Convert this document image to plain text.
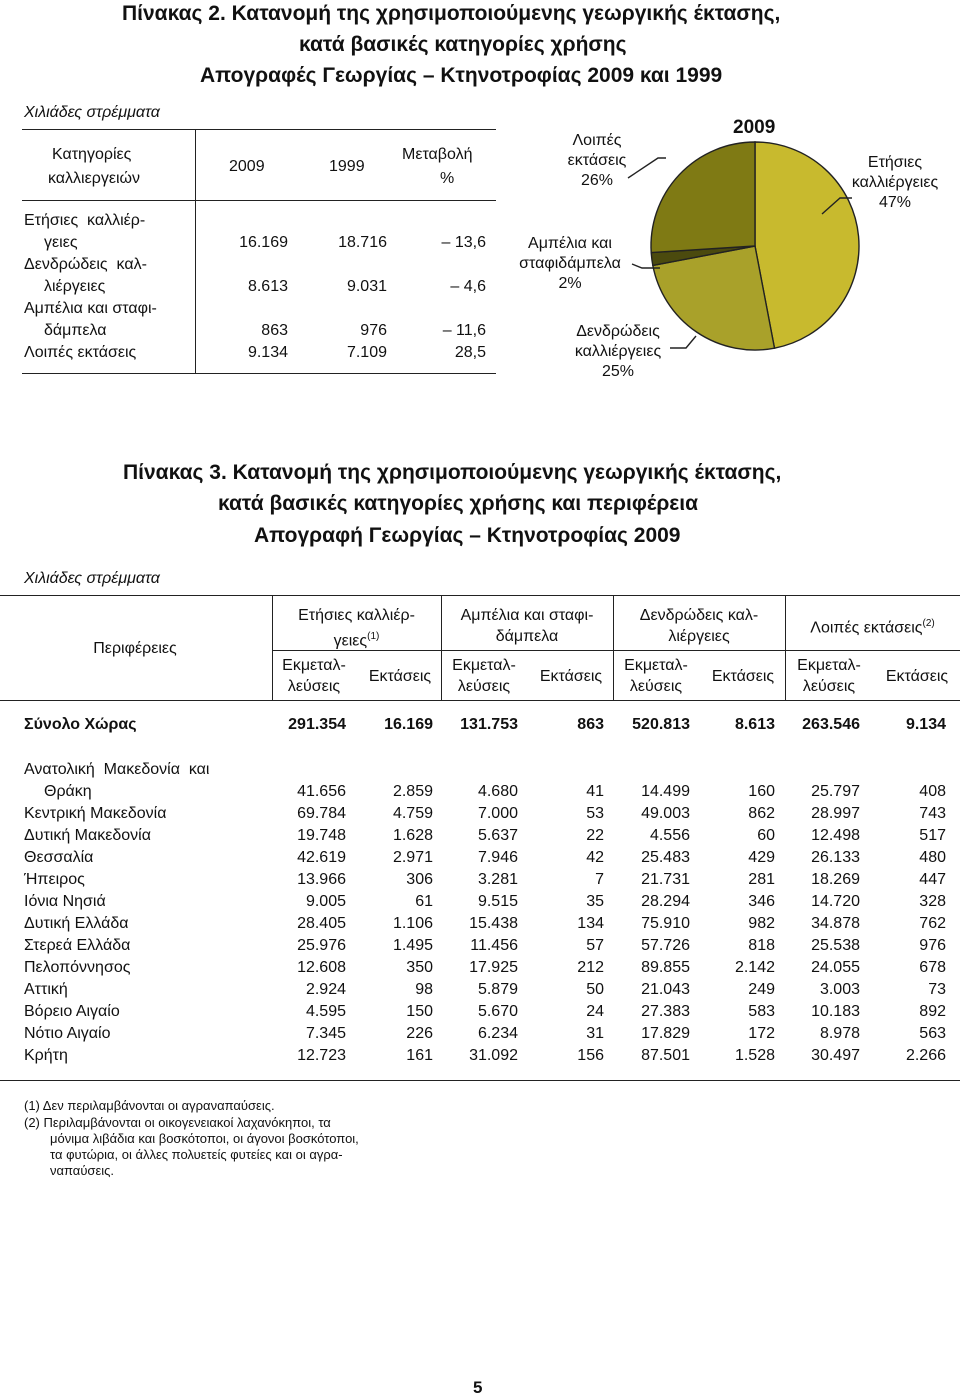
Πίνακας 2. Κατανομή της χρησιμοποιούμενης γεωργικής έκτασης,
κατά βασικές κατηγορίες χρήσης
Απογραφές Γεωργίας – Κτηνοτροφίας 2009 και 1999
Χιλιάδες στρέμματα
Κατηγορίες
καλλιεργειών
2009	1999
Μεταβολή
%
Ετήσιες  καλλιέρ-
γειες	16.169	18.716	– 13,6
Δενδρώδεις  καλ-
λιέργειες	8.613	9.031	– 4,6
Αμπέλια και σταφι-
δάμπελα	863	976	– 11,6
Λοιπές εκτάσεις	9.134	7.109	28,5
2009
Λοιπές
εκτάσεις
26%
Αμπέλια και
σταφιδάμπελα
2%
Δενδρώδεις
καλλιέργειες
25%
Ετήσιες
καλλιέργειες
47%
Πίνακας 3. Κατανομή της χρησιμοποιούμενης γεωργικής έκτασης,
κατά βασικές κατηγορίες χρήσης και περιφέρεια
Απογραφή Γεωργίας – Κτηνοτροφίας 2009
Χιλιάδες στρέμματα
Περιφέρειες
Ετήσιες καλλιέρ-
γειες$^{(1)}$
Αμπέλια και σταφι-
δάμπελα
Δενδρώδεις καλ-
λιέργειες
Λοιπές εκτάσεις$^{(2)}$
Εκμεταλ-
λεύσεις
Εκτάσεις
Εκμεταλ-
λεύσεις
Εκτάσεις
Εκμεταλ-
λεύσεις
Εκτάσεις
Εκμεταλ-
λεύσεις
Εκτάσεις
Σύνολο Χώρας	291.354	16.169	131.753	863	520.813	8.613	263.546	9.134
Ανατολική  Μακεδονία  και
Θράκη	41.656	2.859	4.680	41	14.499	160	25.797	408
Κεντρική Μακεδονία	69.784	4.759	7.000	53	49.003	862	28.997	743
Δυτική Μακεδονία	19.748	1.628	5.637	22	4.556	60	12.498	517
Θεσσαλία	42.619	2.971	7.946	42	25.483	429	26.133	480
Ήπειρος	13.966	306	3.281	7	21.731	281	18.269	447
Ιόνια Νησιά	9.005	61	9.515	35	28.294	346	14.720	328
Δυτική Ελλάδα	28.405	1.106	15.438	134	75.910	982	34.878	762
Στερεά Ελλάδα	25.976	1.495	11.456	57	57.726	818	25.538	976
Πελοπόννησος	12.608	350	17.925	212	89.855	2.142	24.055	678
Αττική	2.924	98	5.879	50	21.043	249	3.003	73
Βόρειο Αιγαίο	4.595	150	5.670	24	27.383	583	10.183	892
Νότιο Αιγαίο	7.345	226	6.234	31	17.829	172	8.978	563
Κρήτη	12.723	161	31.092	156	87.501	1.528	30.497	2.266
(1) Δεν περιλαμβάνονται οι αγραναπαύσεις.
(2) Περιλαμβάνονται οι οικογενειακοί λαχανόκηποι, τα
μόνιμα λιβάδια και βοσκότοποι, οι άγονοι βοσκότοποι,
τα φυτώρια, οι άλλες πολυετείς φυτείες και οι αγρα-
ναπαύσεις.
5
